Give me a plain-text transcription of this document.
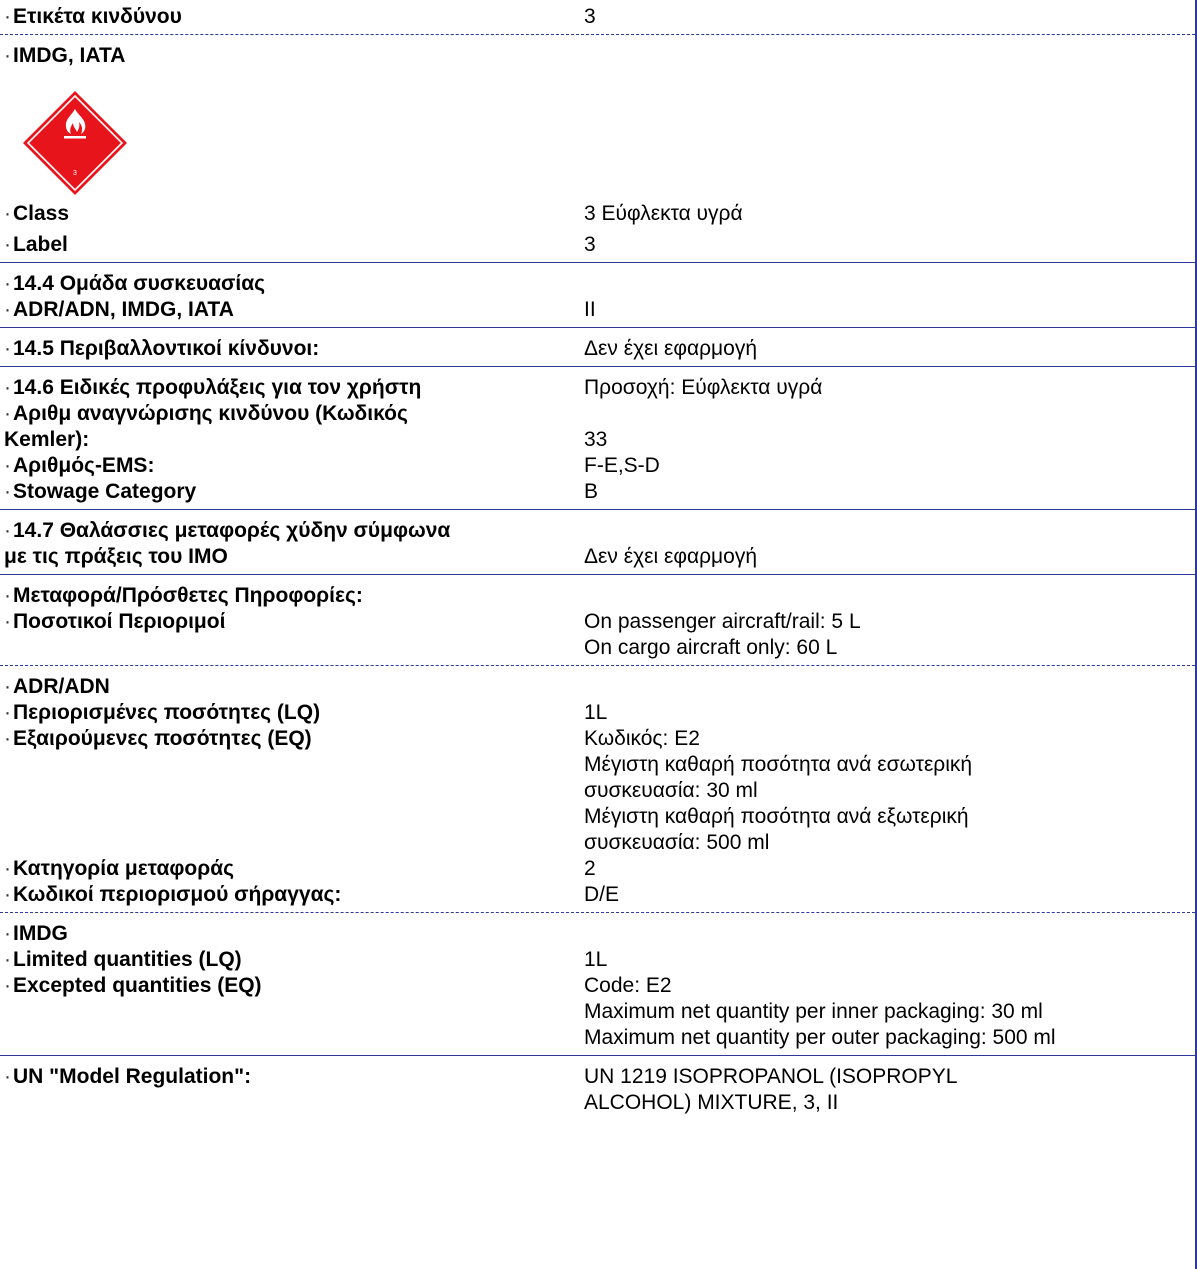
·Ετικέτα κινδύνου	3
·IMDG, IATA
3
·Class	3 Εύφλεκτα υγρά
·Label	3
·14.4 Ομάδα συσκευασίας
·ADR/ADN, IMDG, IATA	II
·14.5 Περιβαλλοντικοί κίνδυνοι:	Δεν έχει εφαρμογή
·14.6 Ειδικές προφυλάξεις για τον χρήστη	Προσοχή: Εύφλεκτα υγρά
·Αριθμ αναγνώρισης κινδύνου (Κωδικός
Kemler):	33
·Αριθμός-EMS:	F-E,S-D
·Stowage Category	B
·14.7 Θαλάσσιες μεταφορές χύδην σύμφωνα
με τις πράξεις του IMO	Δεν έχει εφαρμογή
·Μεταφορά/Πρόσθετες Πηροφορίες:
·Ποσοτικοί Περιοριμοί	On passenger aircraft/rail: 5 L
On cargo aircraft only: 60 L
·ADR/ADN
·Περιορισμένες ποσότητες (LQ)	1L
·Εξαιρούμενες ποσότητες (EQ)	Κωδικός: E2
Μέγιστη καθαρή ποσότητα ανά εσωτερική
συσκευασία: 30 ml
Μέγιστη καθαρή ποσότητα ανά εξωτερική
συσκευασία: 500 ml
·Κατηγορία μεταφοράς	2
·Κωδικοί περιορισμού σήραγγας:	D/E
·IMDG
·Limited quantities (LQ)	1L
·Excepted quantities (EQ)	Code: E2
Maximum net quantity per inner packaging: 30 ml
Maximum net quantity per outer packaging: 500 ml
·UN "Model Regulation":	UN 1219 ISOPROPANOL (ISOPROPYL
ALCOHOL) MIXTURE, 3, II
